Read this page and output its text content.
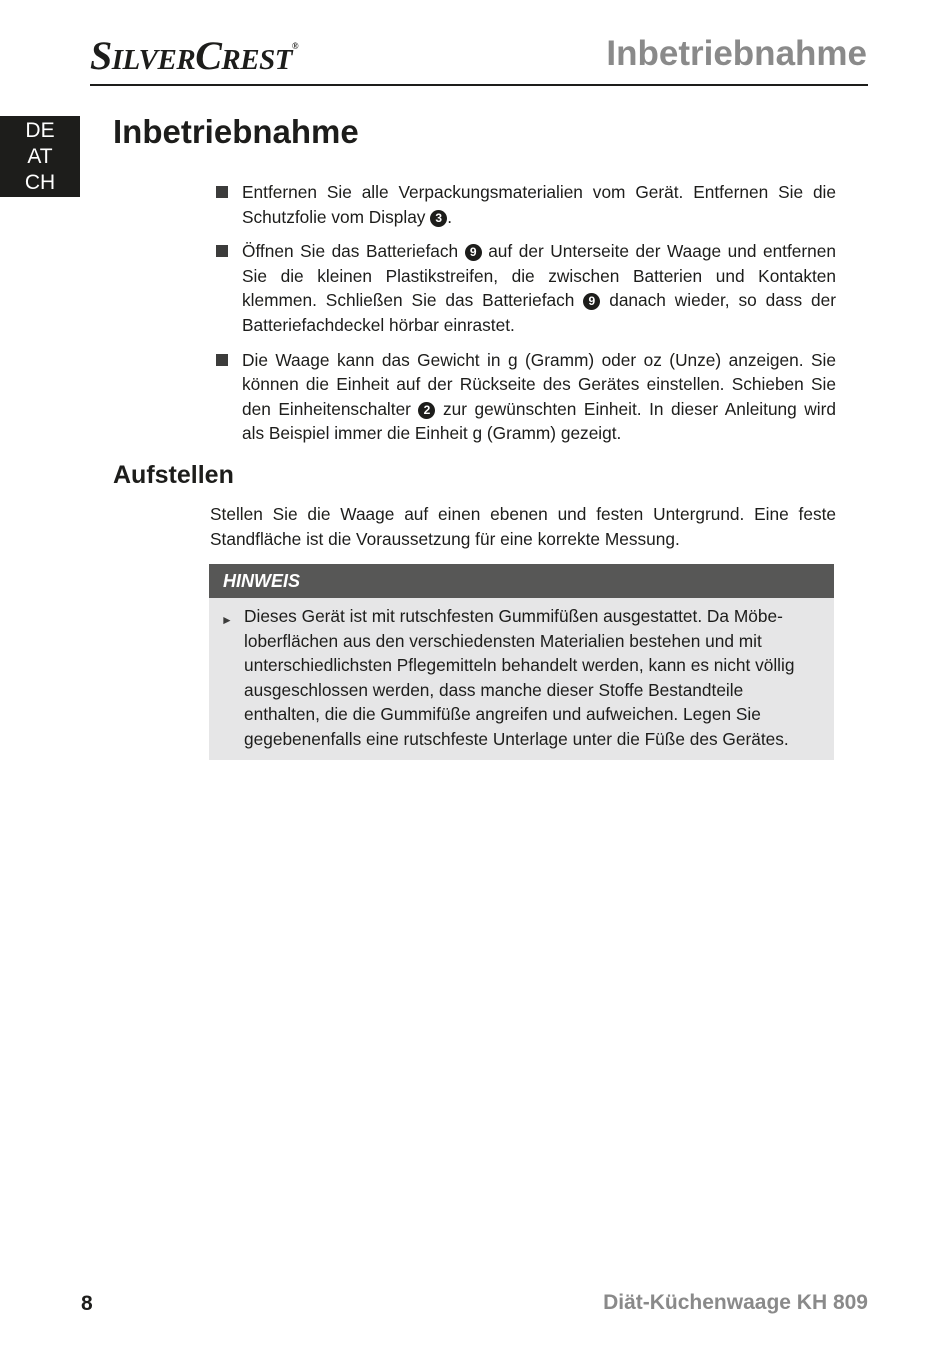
SILVERCREST®	Inbetriebnahme
DE
AT
CH
Inbetriebnahme
Entfernen Sie alle Verpackungsmaterialien vom Gerät. Entfernen Sie die Schutzfolie vom Display 3 .
Öffnen Sie das Batteriefach 9 auf der Unterseite der Waage und entfernen Sie die kleinen Plastikstreifen, die zwischen Batterien und Kontakten klemmen. Schließen Sie das Batteriefach 9 danach wieder, so dass der Batteriefachdeckel hörbar einrastet.
Die Waage kann das Gewicht in g (Gramm) oder oz (Unze) anzeigen. Sie können die Einheit auf der Rückseite des Gerätes einstellen. Schieben Sie den Einheitenschalter 2 zur gewünschten Einheit. In dieser Anleitung wird als Beispiel immer die Einheit g (Gramm) gezeigt.
Aufstellen

Stellen Sie die Waage auf einen ebenen und festen Untergrund. Eine feste Standfläche ist die Voraussetzung für eine korrekte Messung.

HINWEIS
► Dieses Gerät ist mit rutschfesten Gummifüßen ausgestattet. Da Möbeloberflächen aus den verschiedensten Materialien bestehen und mit unterschiedlichsten Pflegemitteln behandelt werden, kann es nicht völlig ausgeschlossen werden, dass manche dieser Stoffe Bestandteile enthalten, die die Gummifüße angreifen und aufweichen. Legen Sie gegebenenfalls eine rutschfeste Unterlage unter die Füße des Gerätes.
8	Diät-Küchenwaage KH 809
